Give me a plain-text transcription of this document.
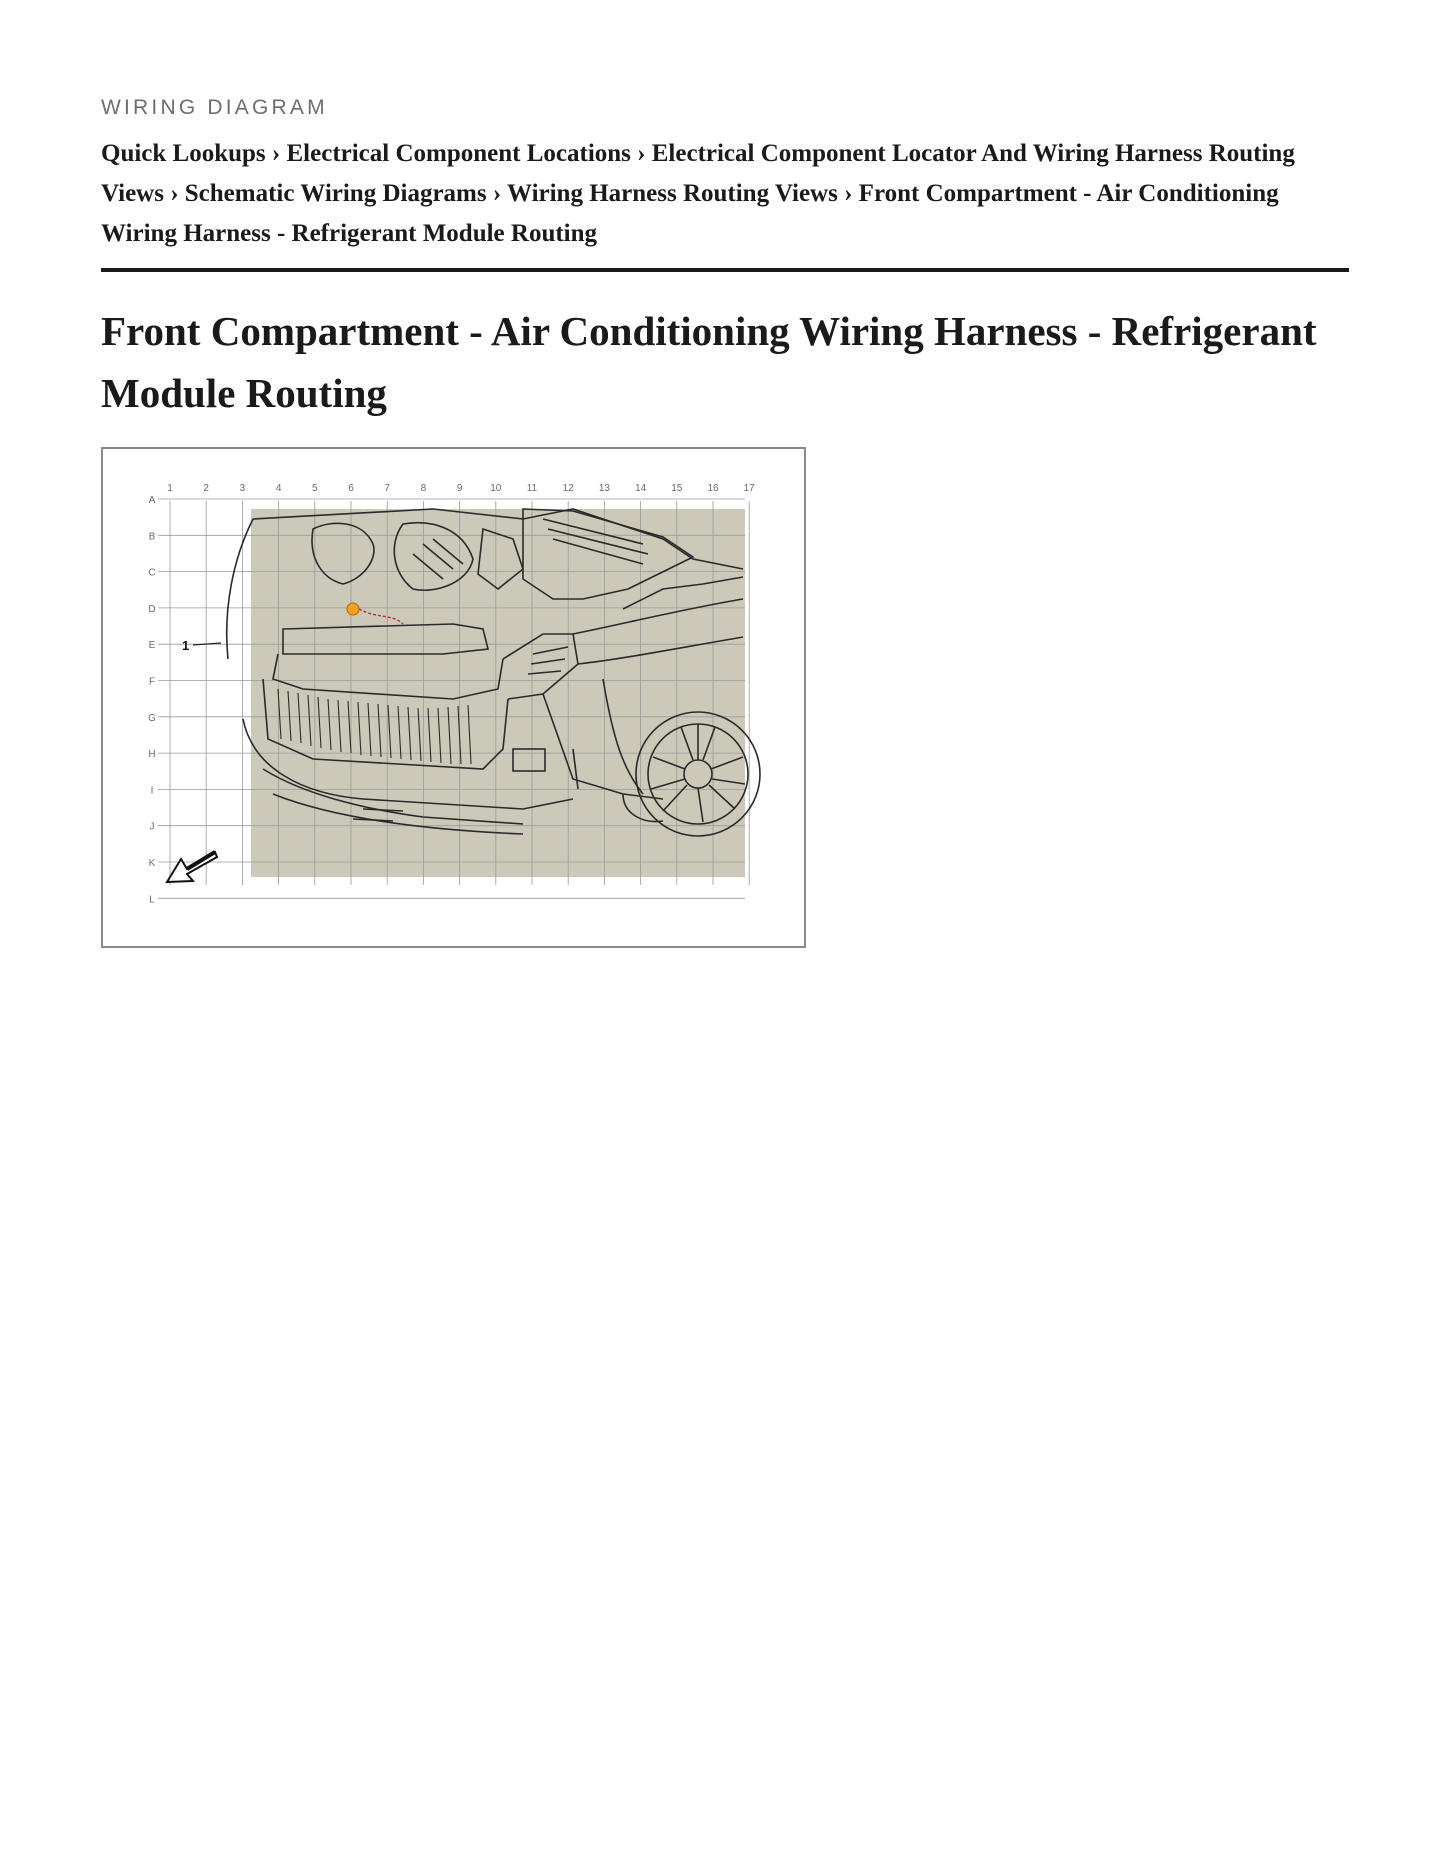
WIRING DIAGRAM
Quick Lookups › Electrical Component Locations › Electrical Component Locator And Wiring Harness Routing Views › Schematic Wiring Diagrams › Wiring Harness Routing Views › Front Compartment - Air Conditioning Wiring Harness - Refrigerant Module Routing
Front Compartment - Air Conditioning Wiring Harness - Refrigerant Module Routing
1
1	2	3	4	5	6	7	8	9	10	11	12	13	14	15	16	17
A
B
C
D
E
F
G
H
I
J
K
L
